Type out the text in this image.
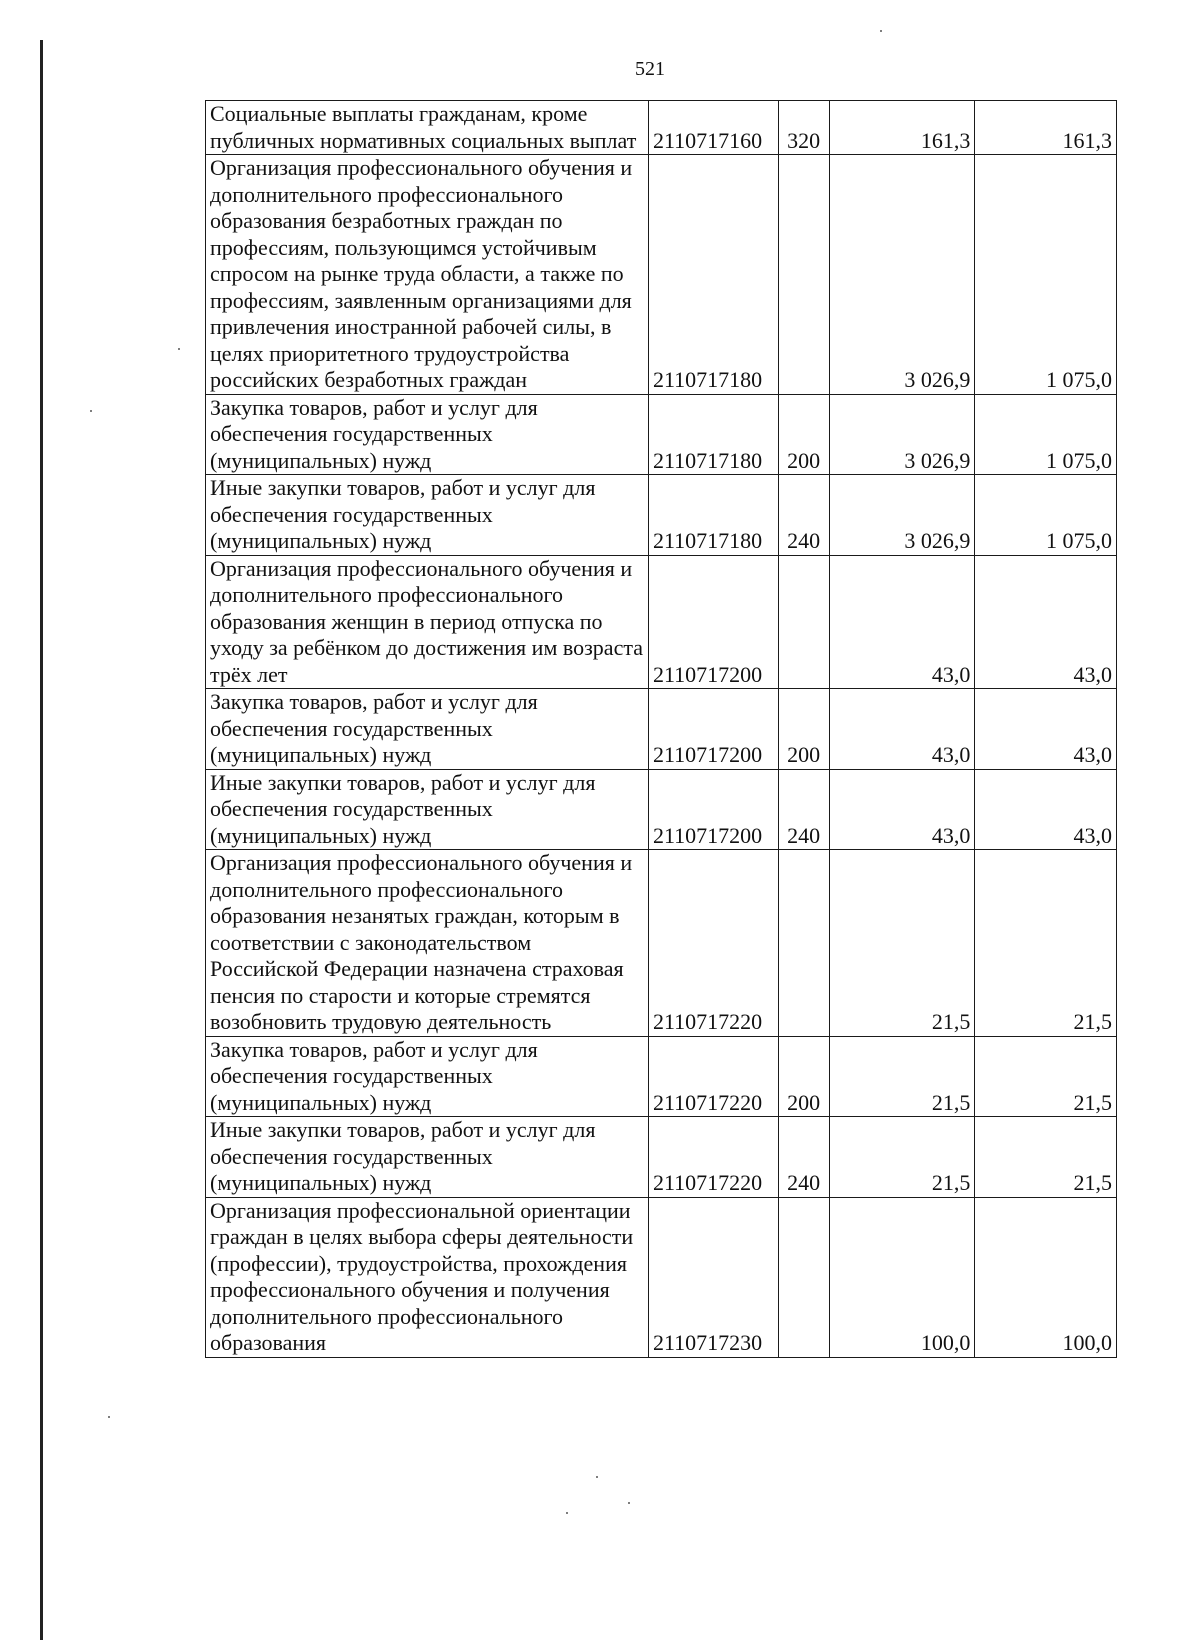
521
Социальные выплаты гражданам, кроме публичных нормативных социальных выплат	2110717160	320	161,3	161,3
Организация профессионального обучения и дополнительного профессионального образования безработных граждан по профессиям, пользующимся устойчивым спросом на рынке труда области, а также по профессиям, заявленным организациями для привлечения иностранной рабочей силы, в целях приоритетного трудоустройства российских безработных граждан	2110717180		3 026,9	1 075,0
Закупка товаров, работ и услуг для обеспечения государственных (муниципальных) нужд	2110717180	200	3 026,9	1 075,0
Иные закупки товаров, работ и услуг для обеспечения государственных (муниципальных) нужд	2110717180	240	3 026,9	1 075,0
Организация профессионального обучения и дополнительного профессионального образования женщин в период отпуска по уходу за ребёнком до достижения им возраста трёх лет	2110717200		43,0	43,0
Закупка товаров, работ и услуг для обеспечения государственных (муниципальных) нужд	2110717200	200	43,0	43,0
Иные закупки товаров, работ и услуг для обеспечения государственных (муниципальных) нужд	2110717200	240	43,0	43,0
Организация профессионального обучения и дополнительного профессионального образования незанятых граждан, которым в соответствии с законодательством Российской Федерации назначена страховая пенсия по старости и которые стремятся возобновить трудовую деятельность	2110717220		21,5	21,5
Закупка товаров, работ и услуг для обеспечения государственных (муниципальных) нужд	2110717220	200	21,5	21,5
Иные закупки товаров, работ и услуг для обеспечения государственных (муниципальных) нужд	2110717220	240	21,5	21,5
Организация профессиональной ориентации граждан в целях выбора сферы деятельности (профессии), трудоустройства, прохождения профессионального обучения и получения дополнительного профессионального образования	2110717230		100,0	100,0
